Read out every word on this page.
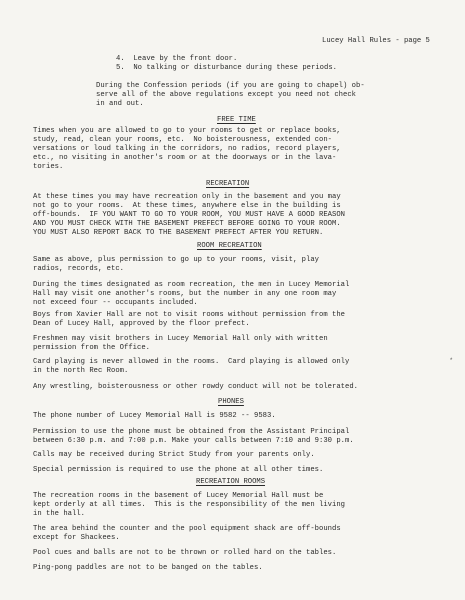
Lucey Hall Rules - page 5
4.  Leave by the front door.
5.  No talking or disturbance during these periods.
During the Confession periods (if you are going to chapel) ob-
serve all of the above regulations except you need not check
in and out.
FREE TIME
Times when you are allowed to go to your rooms to get or replace books,
study, read, clean your rooms, etc.  No boisterousness, extended con-
versations or loud talking in the corridors, no radios, record players,
etc., no visiting in another's room or at the doorways or in the lava-
tories.
RECREATION
At these times you may have recreation only in the basement and you may
not go to your rooms.  At these times, anywhere else in the building is
off-bounds.  IF YOU WANT TO GO TO YOUR ROOM, YOU MUST HAVE A GOOD REASON
AND YOU MUST CHECK WITH THE BASEMENT PREFECT BEFORE GOING TO YOUR ROOM.
YOU MUST ALSO REPORT BACK TO THE BASEMENT PREFECT AFTER YOU RETURN.
ROOM RECREATION
Same as above, plus permission to go up to your rooms, visit, play
radios, records, etc.
During the times designated as room recreation, the men in Lucey Memorial
Hall may visit one another's rooms, but the number in any one room may
not exceed four -- occupants included.
Boys from Xavier Hall are not to visit rooms without permission from the
Dean of Lucey Hall, approved by the floor prefect.
Freshmen may visit brothers in Lucey Memorial Hall only with written
permission from the Office.
Card playing is never allowed in the rooms.  Card playing is allowed only
in the north Rec Room.
Any wrestling, boisterousness or other rowdy conduct will not be tolerated.
*
PHONES
The phone number of Lucey Memorial Hall is 9582 -- 9583.
Permission to use the phone must be obtained from the Assistant Principal
between 6:30 p.m. and 7:00 p.m. Make your calls between 7:10 and 9:30 p.m.
Calls may be received during Strict Study from your parents only.
Special permission is required to use the phone at all other times.
RECREATION ROOMS
The recreation rooms in the basement of Lucey Memorial Hall must be
kept orderly at all times.  This is the responsibility of the men living
in the hall.
The area behind the counter and the pool equipment shack are off-bounds
except for Shackees.
Pool cues and balls are not to be thrown or rolled hard on the tables.
Ping-pong paddles are not to be banged on the tables.
